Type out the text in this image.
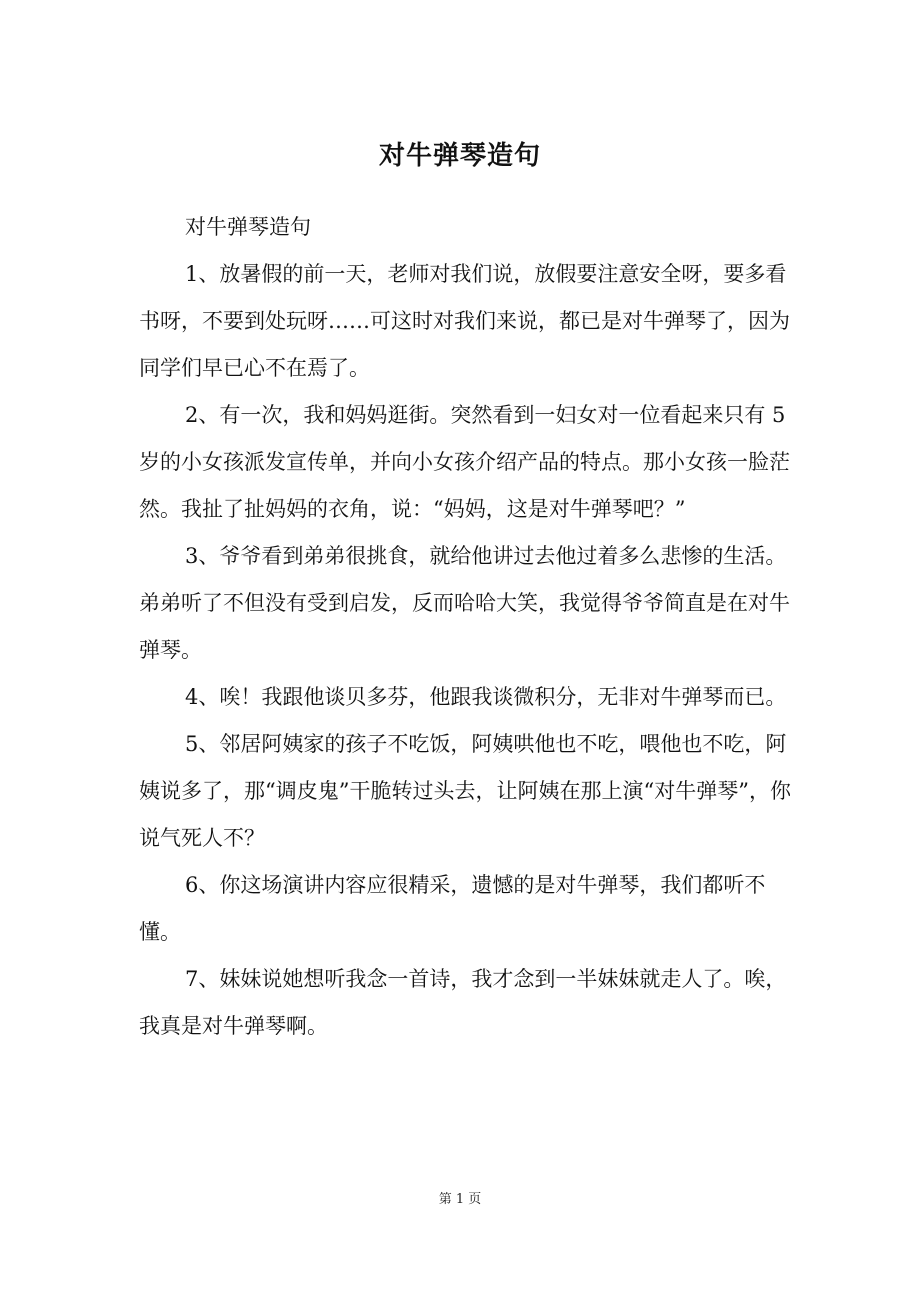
对牛弹琴造句

对牛弹琴造句

1、放暑假的前一天，老师对我们说，放假要注意安全呀，要多看书呀，不要到处玩呀……可这时对我们来说，都已是对牛弹琴了，因为同学们早已心不在焉了。

2、有一次，我和妈妈逛街。突然看到一妇女对一位看起来只有 5 岁的小女孩派发宣传单，并向小女孩介绍产品的特点。那小女孩一脸茫然。我扯了扯妈妈的衣角，说：“妈妈，这是对牛弹琴吧？”

3、爷爷看到弟弟很挑食，就给他讲过去他过着多么悲惨的生活。弟弟听了不但没有受到启发，反而哈哈大笑，我觉得爷爷简直是在对牛弹琴。

4、唉！我跟他谈贝多芬，他跟我谈微积分，无非对牛弹琴而已。

5、邻居阿姨家的孩子不吃饭，阿姨哄他也不吃，喂他也不吃，阿姨说多了，那“调皮鬼”干脆转过头去，让阿姨在那上演“对牛弹琴”，你说气死人不？

6、你这场演讲内容应很精采，遗憾的是对牛弹琴，我们都听不懂。

7、妹妹说她想听我念一首诗，我才念到一半妹妹就走人了。唉，我真是对牛弹琴啊。

第 1 页
